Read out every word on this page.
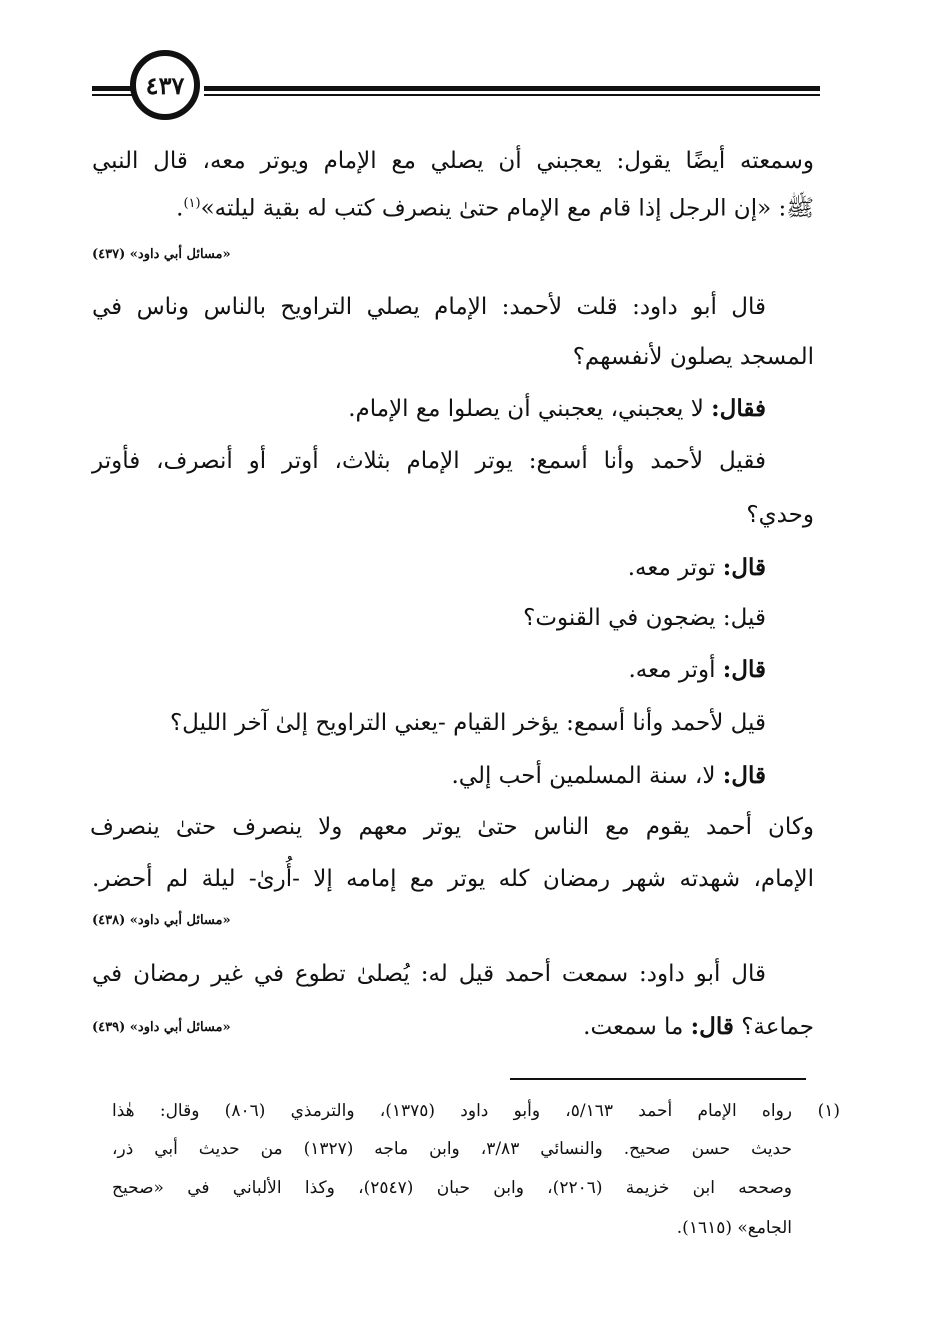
٤٣٧
وسمعته أيضًا يقول: يعجبني أن يصلي مع الإمام ويوتر معه، قال النبي
ﷺ: «إن الرجل إذا قام مع الإمام حتىٰ ينصرف كتب له بقية ليلته»$^{(١)}$.
«مسائل أبي داود» (٤٣٧)
قال أبو داود: قلت لأحمد: الإمام يصلي التراويح بالناس وناس في
المسجد يصلون لأنفسهم؟
فقال: لا يعجبني، يعجبني أن يصلوا مع الإمام.
فقيل لأحمد وأنا أسمع: يوتر الإمام بثلاث، أوتر أو أنصرف، فأوتر
وحدي؟
قال: توتر معه.
قيل: يضجون في القنوت؟
قال: أوتر معه.
قيل لأحمد وأنا أسمع: يؤخر القيام -يعني التراويح إلىٰ آخر الليل؟
قال: لا، سنة المسلمين أحب إلي.
وكان أحمد يقوم مع الناس حتىٰ يوتر معهم ولا ينصرف حتىٰ ينصرف
الإمام، شهدته شهر رمضان كله يوتر مع إمامه إلا -أُرىٰ- ليلة لم أحضر.
«مسائل أبي داود» (٤٣٨)
قال أبو داود: سمعت أحمد قيل له: يُصلىٰ تطوع في غير رمضان في
جماعة؟ قال: ما سمعت.
«مسائل أبي داود» (٤٣٩)
(١)
رواه الإمام أحمد ٥/١٦٣، وأبو داود (١٣٧٥)، والترمذي (٨٠٦) وقال: هٰذا
حديث حسن صحيح. والنسائي ٣/٨٣، وابن ماجه (١٣٢٧) من حديث أبي ذر،
وصححه ابن خزيمة (٢٢٠٦)، وابن حبان (٢٥٤٧)، وكذا الألباني في «صحيح
الجامع» (١٦١٥).
